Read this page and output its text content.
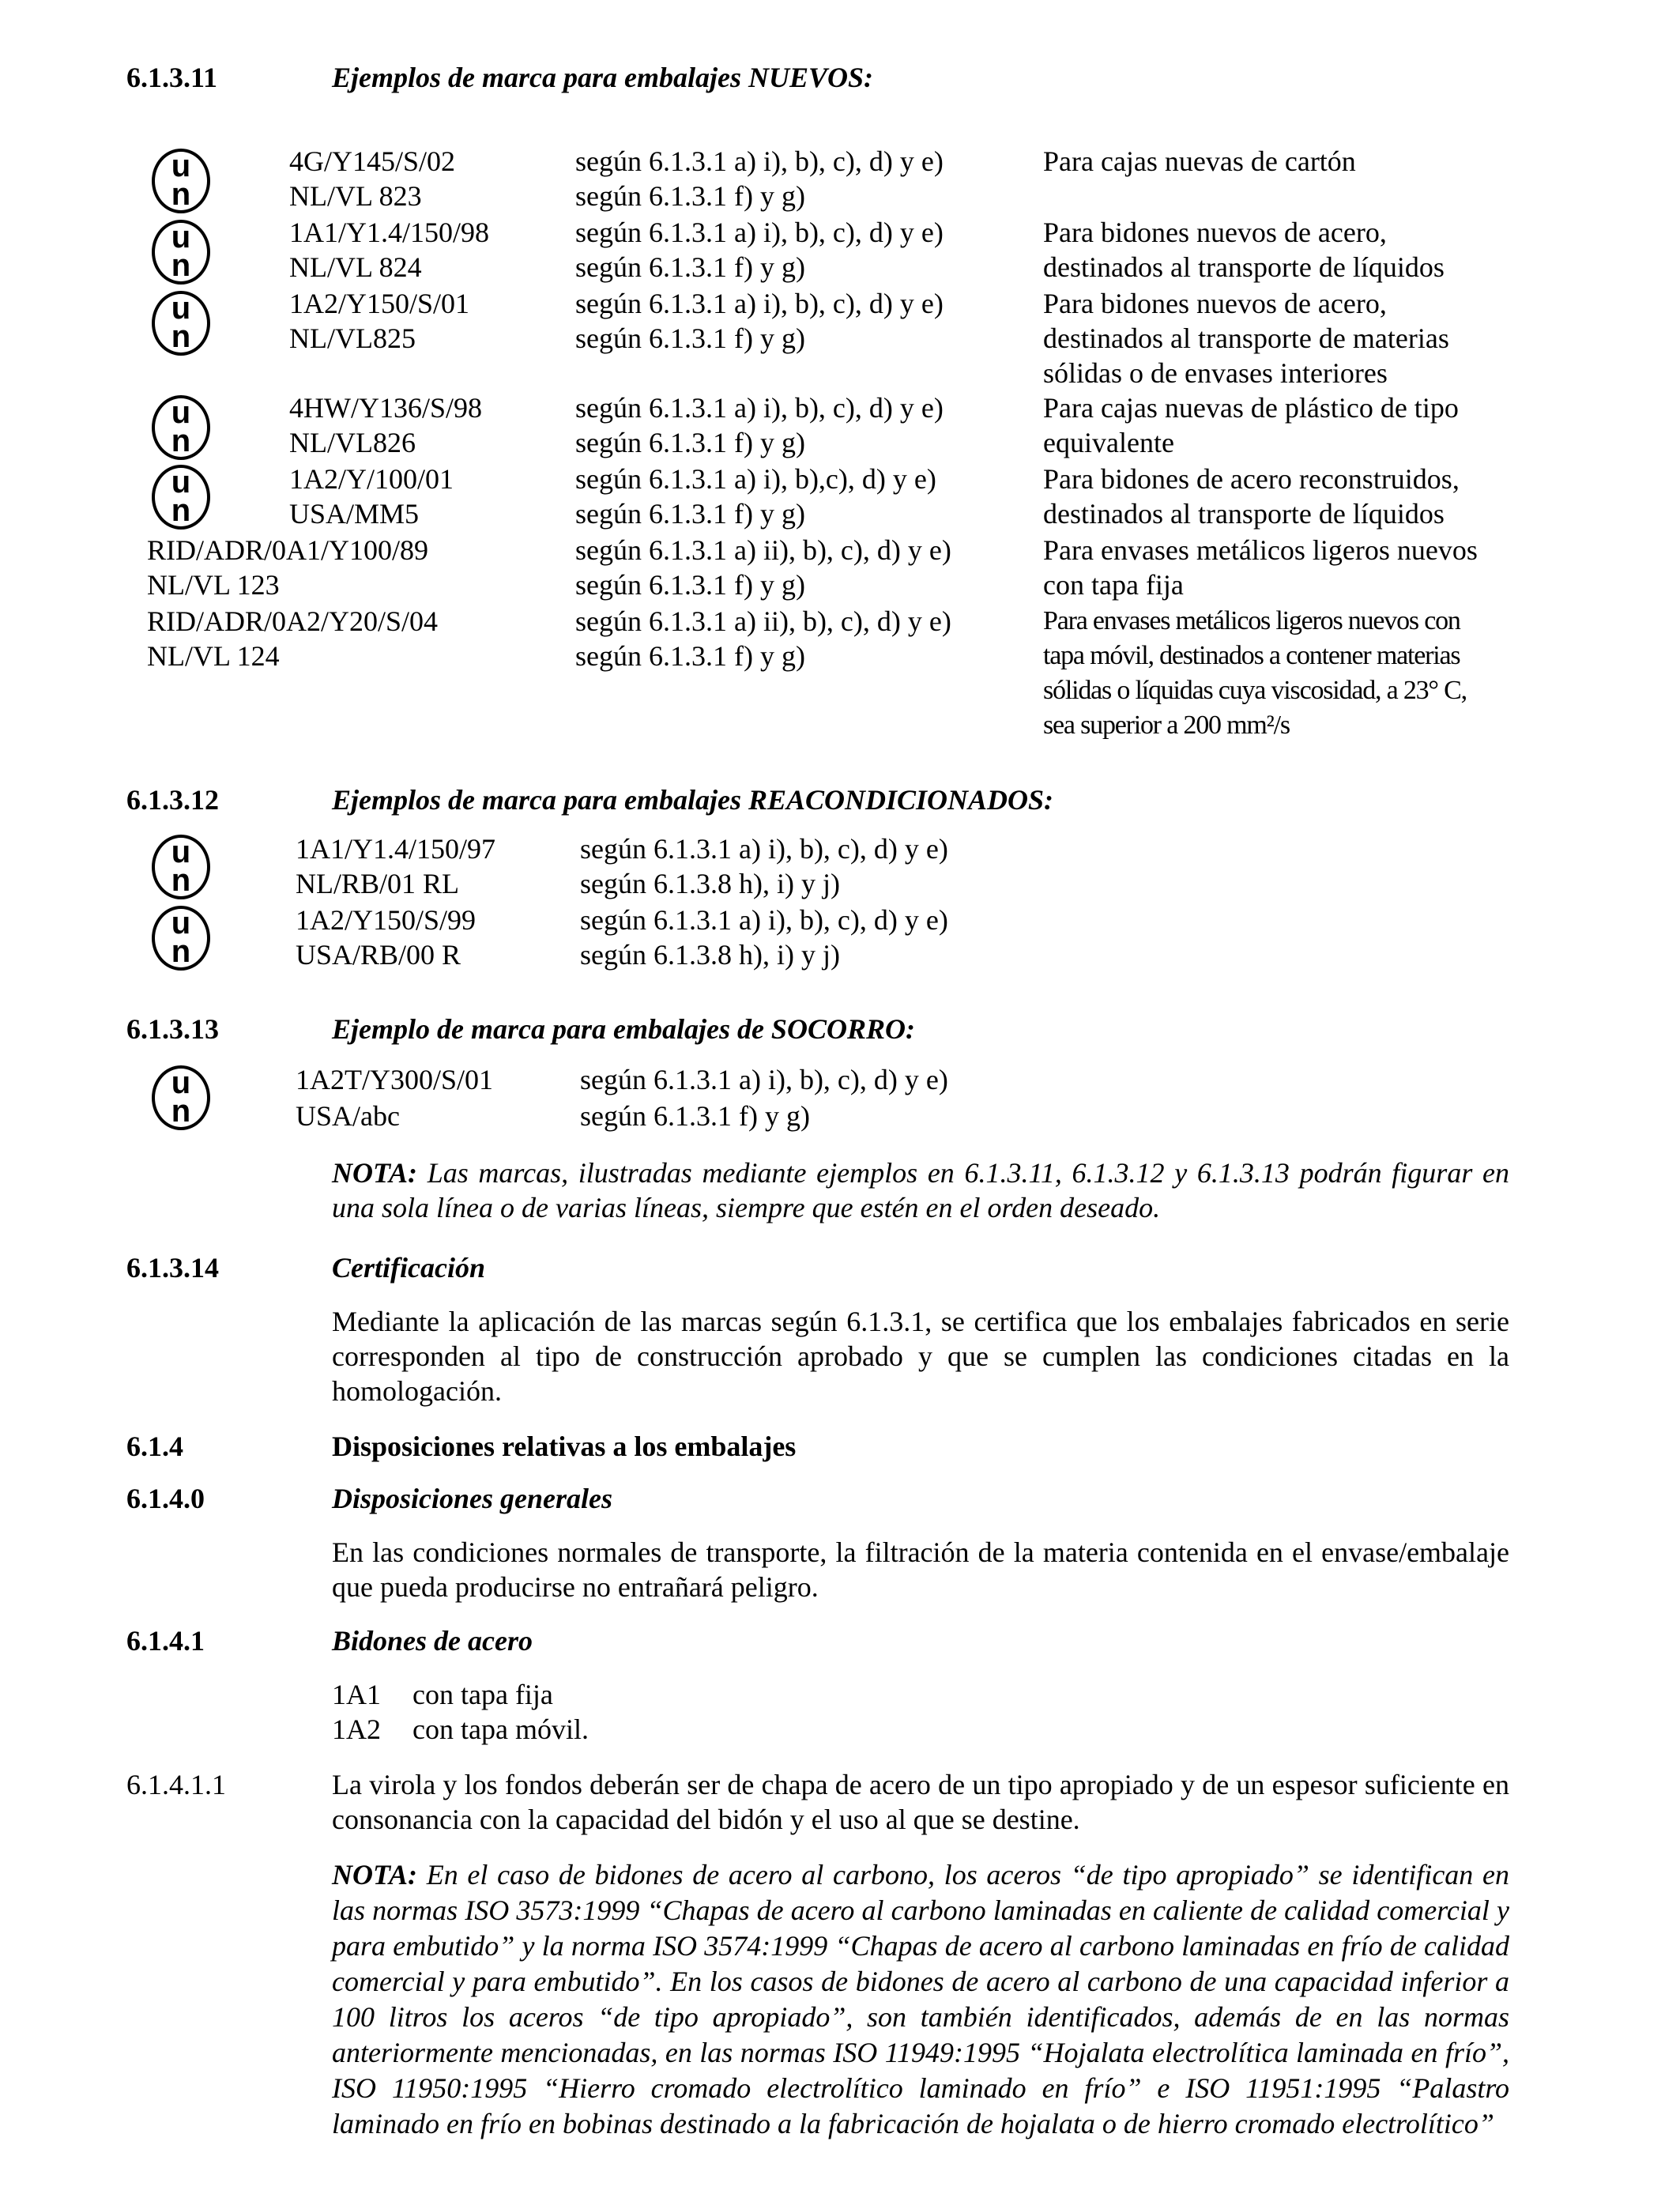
6.1.3.11	Ejemplos de marca para embalajes NUEVOS:
u
n
u
n
u
n
u
n
u
n
4G/Y145/S/02	según 6.1.3.1 a) i), b), c), d) y e)	Para cajas nuevas de cartón
NL/VL 823	según 6.1.3.1 f) y g)
1A1/Y1.4/150/98	según 6.1.3.1 a) i), b), c), d) y e)	Para bidones nuevos de acero,
NL/VL 824	según 6.1.3.1 f) y g)	destinados al transporte de líquidos
1A2/Y150/S/01	según 6.1.3.1 a) i), b), c), d) y e)	Para bidones nuevos de acero,
NL/VL825	según 6.1.3.1 f) y g)	destinados al transporte de materias
sólidas o de envases interiores
4HW/Y136/S/98	según 6.1.3.1 a) i), b), c), d) y e)	Para cajas nuevas de plástico de tipo
NL/VL826	según 6.1.3.1 f) y g)	equivalente
1A2/Y/100/01	según 6.1.3.1 a) i), b),c), d) y e)	Para bidones de acero reconstruidos,
USA/MM5	según 6.1.3.1 f) y g)	destinados al transporte de líquidos
RID/ADR/0A1/Y100/89	según 6.1.3.1 a) ii), b), c), d) y e)	Para envases metálicos ligeros nuevos
NL/VL 123	según 6.1.3.1 f) y g)	con tapa fija
RID/ADR/0A2/Y20/S/04	según 6.1.3.1 a) ii), b), c), d) y e)	Para envases metálicos ligeros nuevos con
NL/VL 124	según 6.1.3.1 f) y g)	tapa móvil, destinados a contener materias
sólidas o líquidas cuya viscosidad, a 23° C,
sea superior a 200 mm²/s
6.1.3.12	Ejemplos de marca para embalajes REACONDICIONADOS:
u
n
u
n
1A1/Y1.4/150/97	según 6.1.3.1 a) i), b), c), d) y e)
NL/RB/01 RL	según 6.1.3.8 h), i) y j)
1A2/Y150/S/99	según 6.1.3.1 a) i), b), c), d) y e)
USA/RB/00 R	según 6.1.3.8 h), i) y j)
6.1.3.13	Ejemplo de marca para embalajes de SOCORRO:
u
n
1A2T/Y300/S/01	según 6.1.3.1 a) i), b), c), d) y e)
USA/abc	según 6.1.3.1 f) y g)
NOTA: Las marcas, ilustradas mediante ejemplos en 6.1.3.11, 6.1.3.12 y 6.1.3.13 podrán figurar en una sola línea o de varias líneas, siempre que estén en el orden deseado.
6.1.3.14	Certificación
Mediante la aplicación de las marcas según 6.1.3.1, se certifica que los embalajes fabricados en serie corresponden al tipo de construcción aprobado y que se cumplen las condiciones citadas en la homologación.
6.1.4	Disposiciones relativas a los embalajes
6.1.4.0	Disposiciones generales
En las condiciones normales de transporte, la filtración de la materia contenida en el envase/embalaje que pueda producirse no entrañará peligro.
6.1.4.1	Bidones de acero
1A1 con tapa fija
1A2 con tapa móvil.
6.1.4.1.1	La virola y los fondos deberán ser de chapa de acero de un tipo apropiado y de un espesor suficiente en consonancia con la capacidad del bidón y el uso al que se destine.
NOTA: En el caso de bidones de acero al carbono, los aceros “de tipo apropiado” se identifican en las normas ISO 3573:1999 “Chapas de acero al carbono laminadas en caliente de calidad comercial y para embutido” y la norma ISO 3574:1999 “Chapas de acero al carbono laminadas en frío de calidad comercial y para embutido”. En los casos de bidones de acero al carbono de una capacidad inferior a 100 litros los aceros “de tipo apropiado”, son también identificados, además de en las normas anteriormente mencionadas, en las normas ISO 11949:1995 “Hojalata electrolítica laminada en frío”, ISO 11950:1995 “Hierro cromado electrolítico laminado en frío” e ISO 11951:1995 “Palastro laminado en frío en bobinas destinado a la fabricación de hojalata o de hierro cromado electrolítico”
